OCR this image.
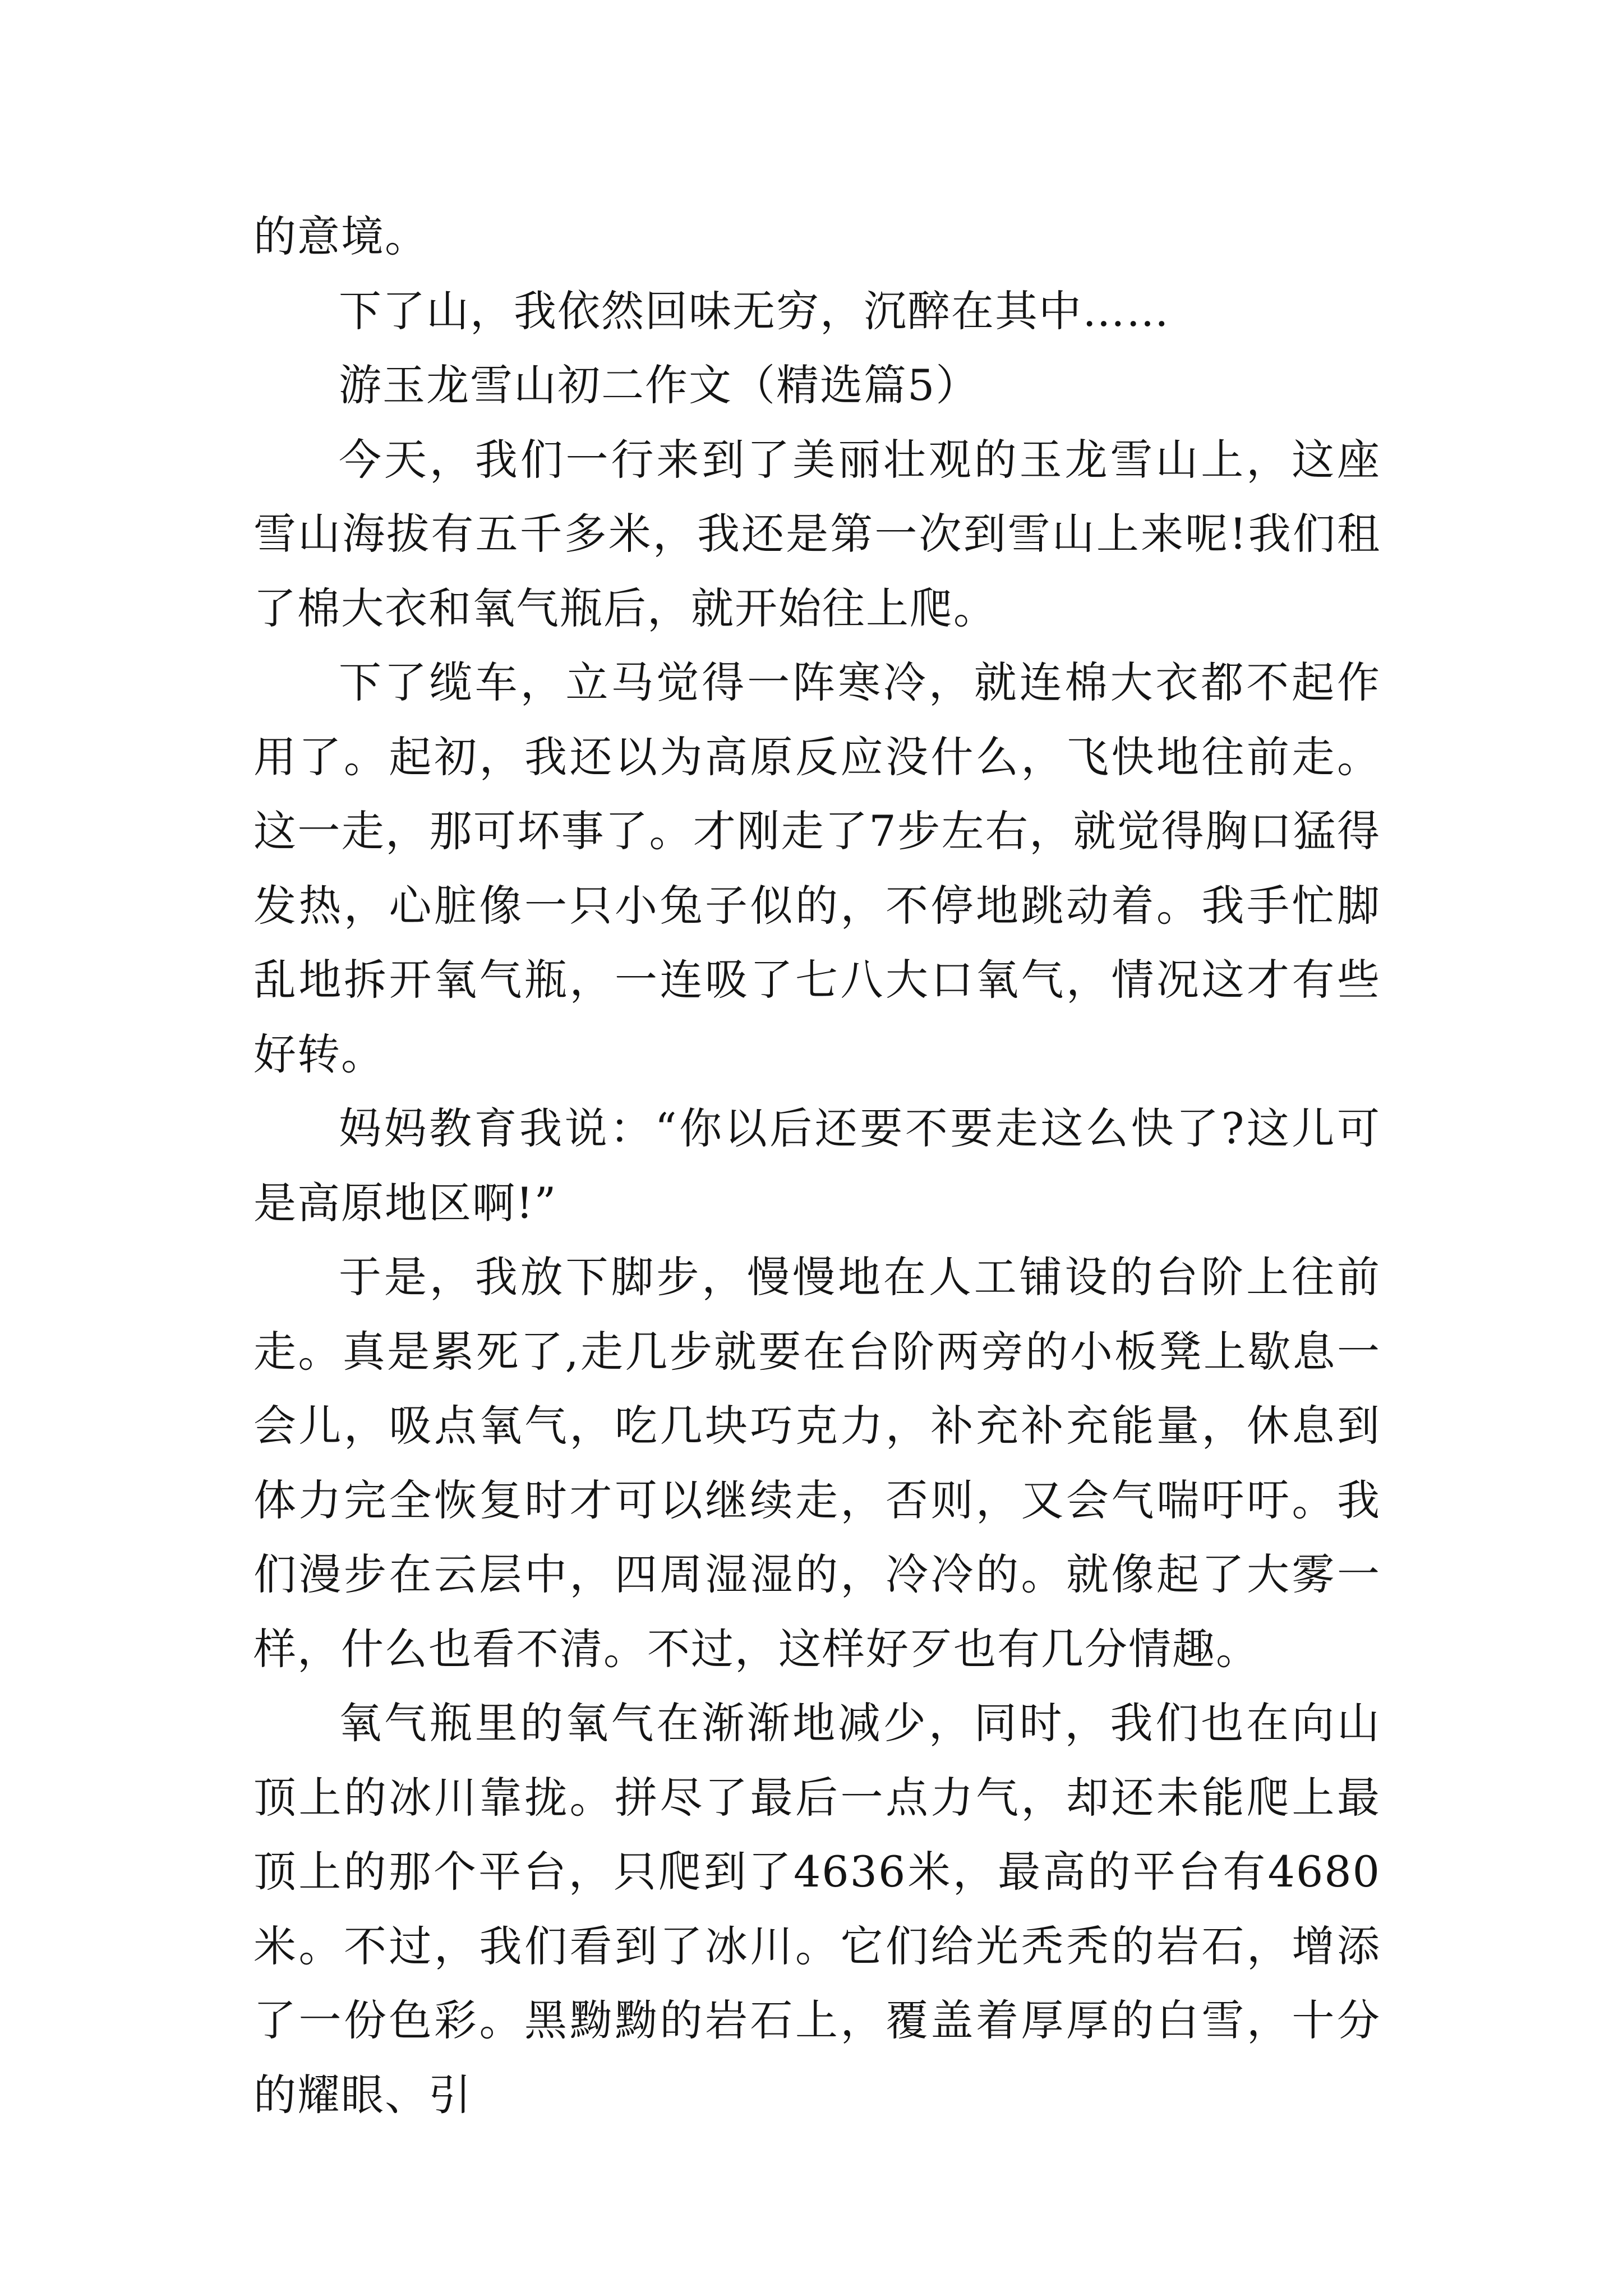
的意境。

下了山，我依然回味无穷，沉醉在其中……

游玉龙雪山初二作文（精选篇5）

今天，我们一行来到了美丽壮观的玉龙雪山上，这座雪山海拔有五千多米，我还是第一次到雪山上来呢!我们租了棉大衣和氧气瓶后，就开始往上爬。

下了缆车，立马觉得一阵寒冷，就连棉大衣都不起作用了。起初，我还以为高原反应没什么，飞快地往前走。这一走，那可坏事了。才刚走了7步左右，就觉得胸口猛得发热，心脏像一只小兔子似的，不停地跳动着。我手忙脚乱地拆开氧气瓶，一连吸了七八大口氧气，情况这才有些好转。

妈妈教育我说：“你以后还要不要走这么快了?这儿可是高原地区啊!”

于是，我放下脚步，慢慢地在人工铺设的台阶上往前走。真是累死了,走几步就要在台阶两旁的小板凳上歇息一会儿，吸点氧气，吃几块巧克力，补充补充能量，休息到体力完全恢复时才可以继续走，否则，又会气喘吁吁。我们漫步在云层中，四周湿湿的，冷冷的。就像起了大雾一样，什么也看不清。不过，这样好歹也有几分情趣。

氧气瓶里的氧气在渐渐地减少，同时，我们也在向山顶上的冰川靠拢。拼尽了最后一点力气，却还未能爬上最顶上的那个平台，只爬到了4636米，最高的平台有4680米。不过，我们看到了冰川。它们给光秃秃的岩石，增添了一份色彩。黑黝黝的岩石上，覆盖着厚厚的白雪，十分的耀眼、引
